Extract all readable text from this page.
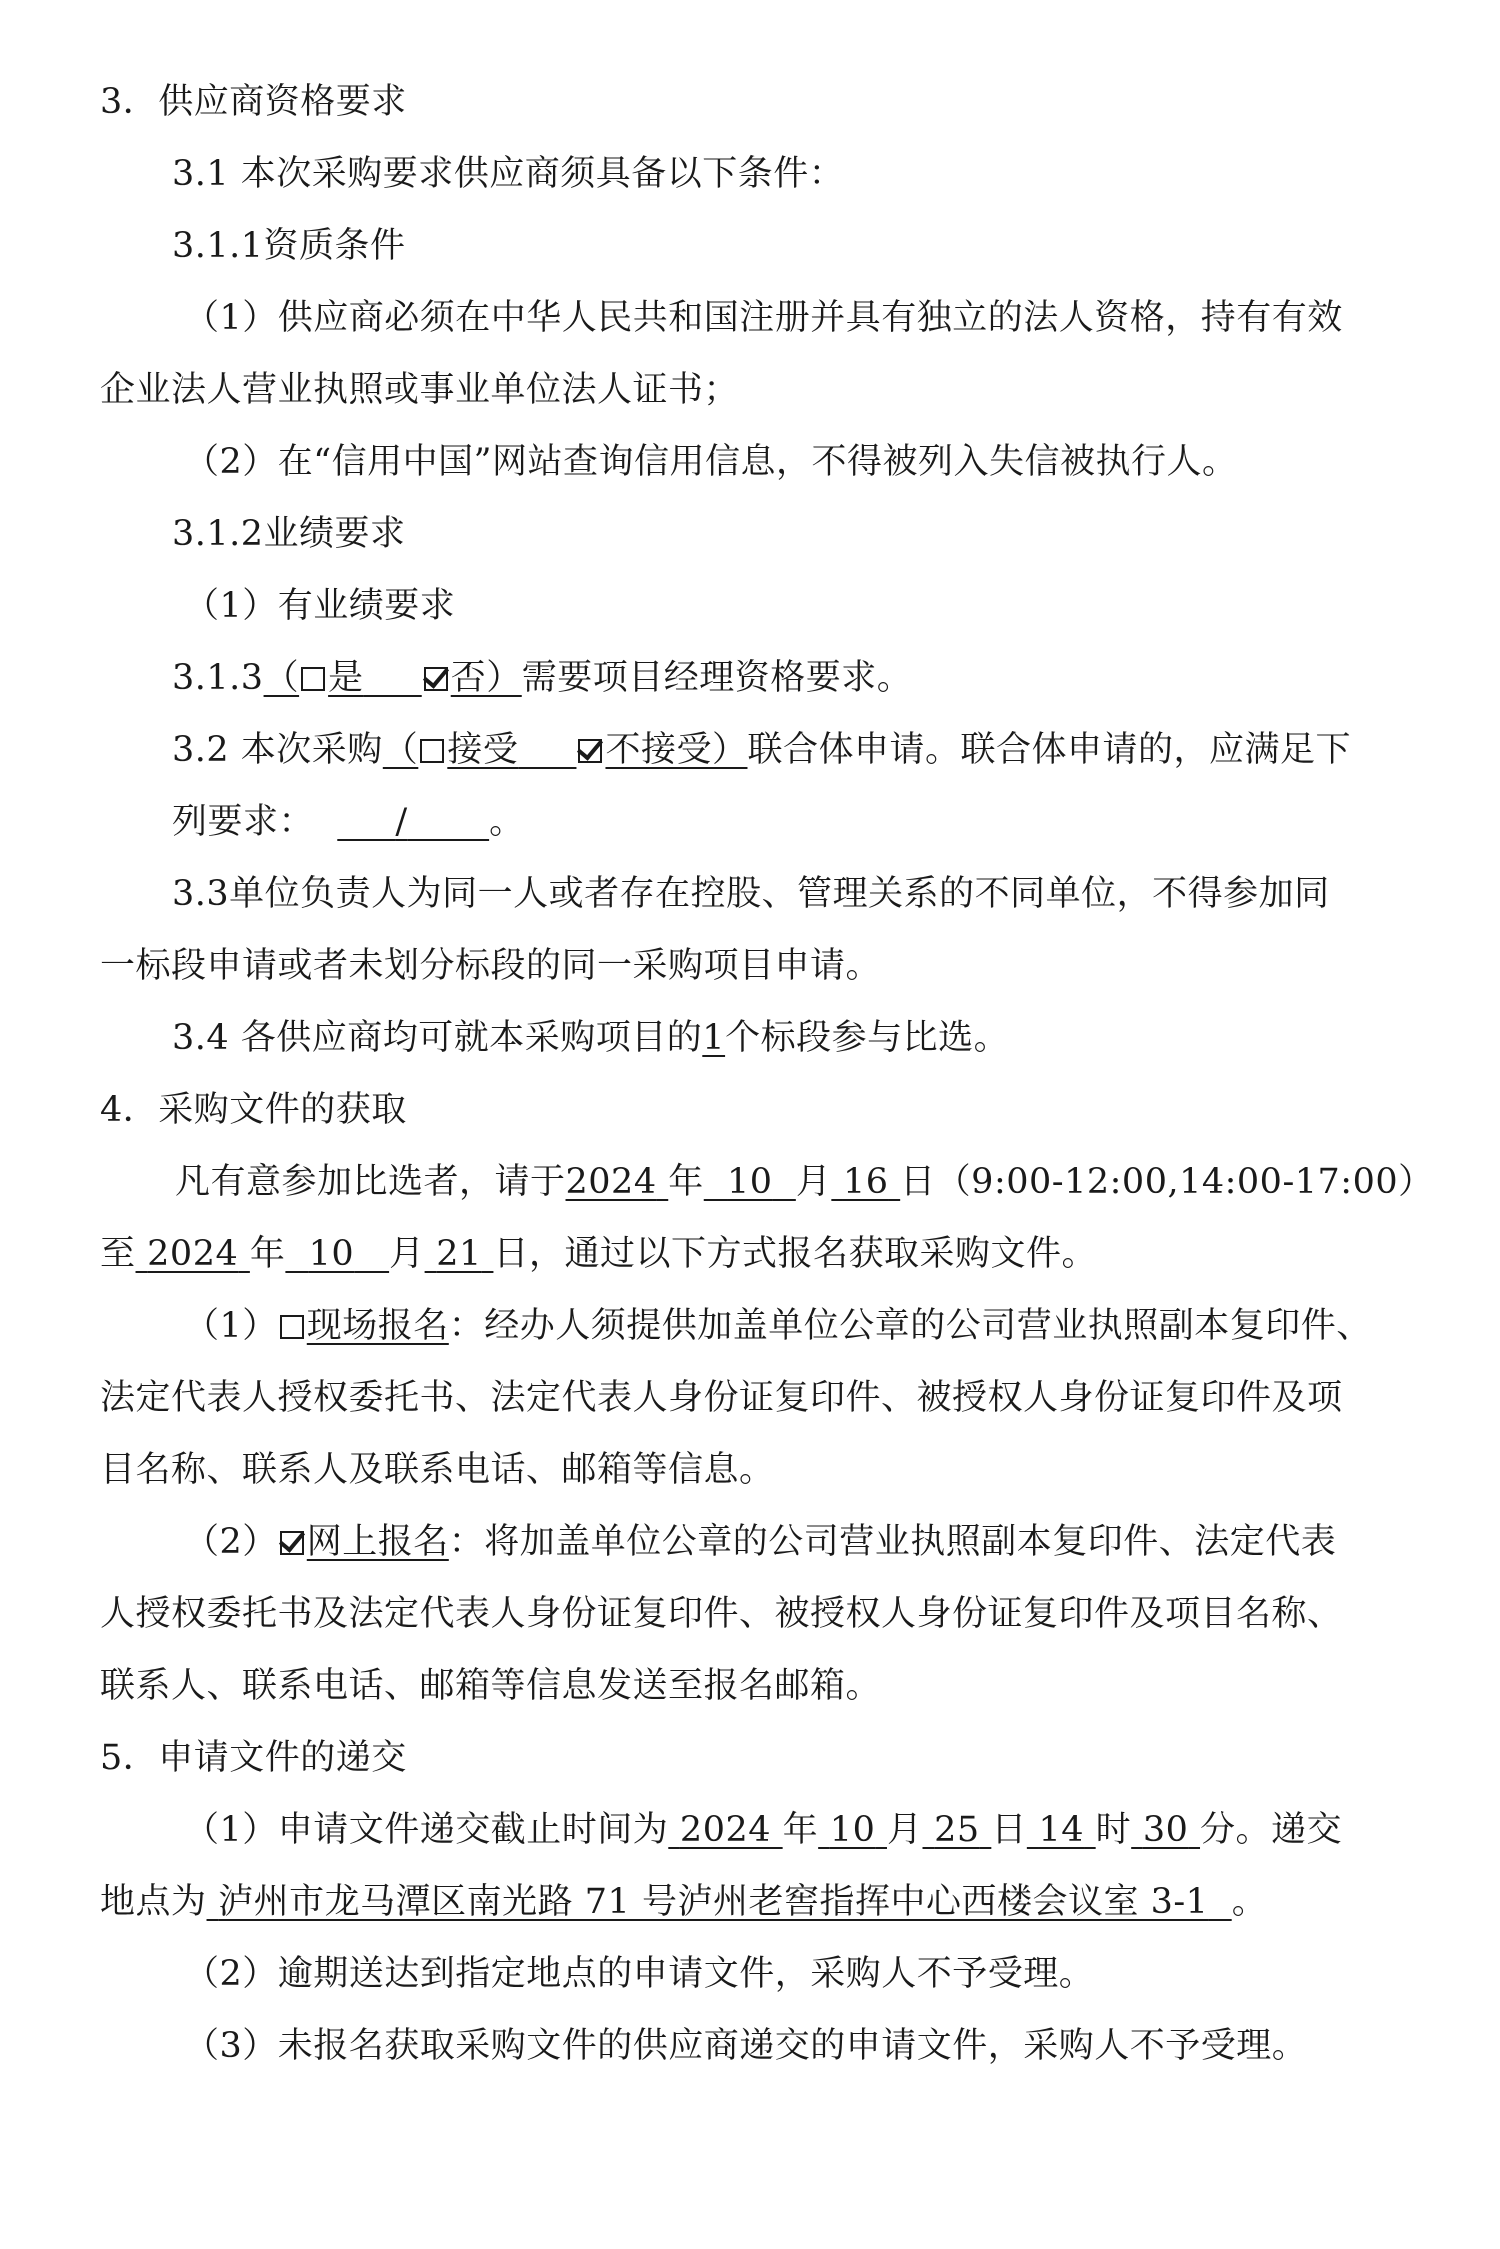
3．供应商资格要求
3.1 本次采购要求供应商须具备以下条件：
3.1.1资质条件
（1）供应商必须在中华人民共和国注册并具有独立的法人资格，持有有效
企业法人营业执照或事业单位法人证书；
（2）在“信用中国”网站查询信用信息，不得被列入失信被执行人。
3.1.2业绩要求
（1）有业绩要求
3.1.3（ 是 否）需要项目经理资格要求。
3.2 本次采购（ 接受 不接受）联合体申请。联合体申请的，应满足下
列要求： / 。
3.3单位负责人为同一人或者存在控股、管理关系的不同单位，不得参加同
一标段申请或者未划分标段的同一采购项目申请。
3.4 各供应商均可就本采购项目的1个标段参与比选。
4．采购文件的获取
凡有意参加比选者，请于2024 年 10 月 16 日（9:00-12:00,14:00-17:00）
至 2024 年 10 月 21 日，通过以下方式报名获取采购文件。
（1） 现场报名：经办人须提供加盖单位公章的公司营业执照副本复印件、
法定代表人授权委托书、法定代表人身份证复印件、被授权人身份证复印件及项
目名称、联系人及联系电话、邮箱等信息。
（2） 网上报名：将加盖单位公章的公司营业执照副本复印件、法定代表
人授权委托书及法定代表人身份证复印件、被授权人身份证复印件及项目名称、
联系人、联系电话、邮箱等信息发送至报名邮箱。
5．申请文件的递交
（1）申请文件递交截止时间为 2024 年 10 月 25 日 14 时 30 分。递交
地点为 泸州市龙马潭区南光路 71 号泸州老窖指挥中心西楼会议室 3-1 。
（2）逾期送达到指定地点的申请文件，采购人不予受理。
（3）未报名获取采购文件的供应商递交的申请文件，采购人不予受理。
